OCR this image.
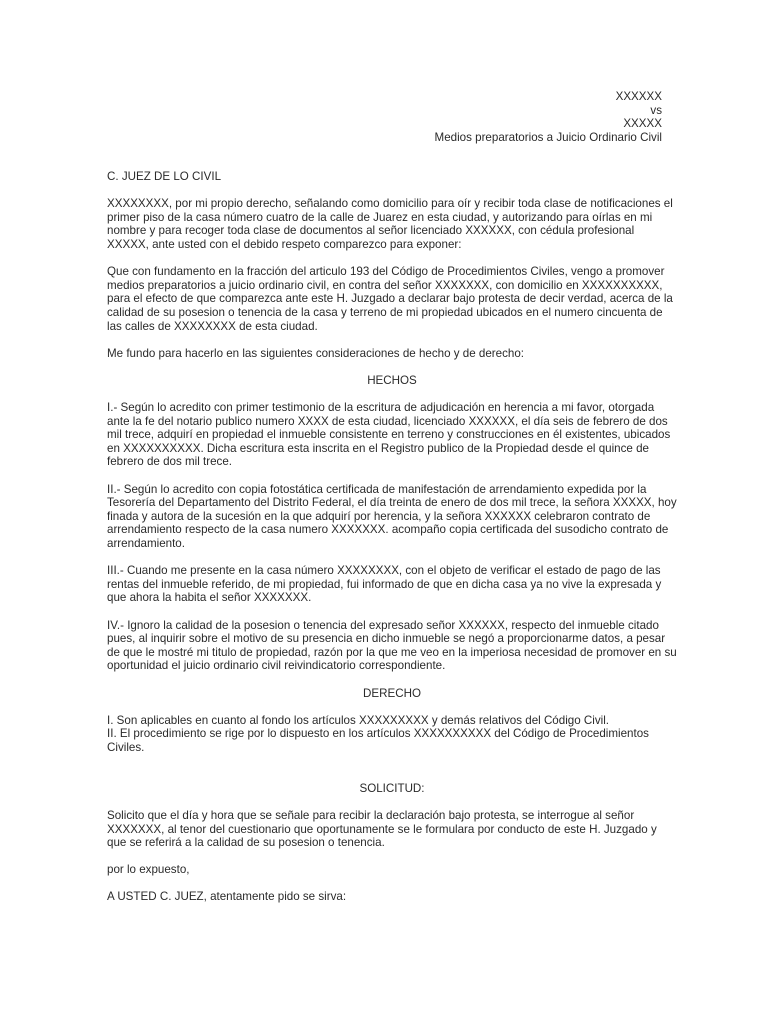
XXXXXX
vs
XXXXX
Medios preparatorios a Juicio Ordinario Civil

C. JUEZ DE LO CIVIL

XXXXXXXX, por mi propio derecho, señalando como domicilio para oír y recibir toda clase de notificaciones el primer piso de la casa número cuatro de la calle de Juarez en esta ciudad, y autorizando para oírlas en mi nombre y para recoger toda clase de documentos al señor licenciado XXXXXX, con cédula profesional XXXXX, ante usted con el debido respeto comparezco para exponer:

Que con fundamento en la fracción del articulo 193 del Código de Procedimientos Civiles, vengo a promover medios preparatorios a juicio ordinario civil, en contra del señor XXXXXXX, con domicilio en XXXXXXXXXX, para el efecto de que comparezca ante este H. Juzgado a declarar bajo protesta de decir verdad, acerca de la calidad de su posesion o tenencia de la casa y terreno de mi propiedad ubicados en el numero cincuenta de las calles de XXXXXXXX de esta ciudad.

Me fundo para hacerlo en las siguientes consideraciones de hecho y de derecho:

HECHOS

I.- Según lo acredito con primer testimonio de la escritura de adjudicación en herencia a mi favor, otorgada ante la fe del notario publico numero XXXX de esta ciudad, licenciado XXXXXX, el día seis de febrero de dos mil trece, adquirí en propiedad el inmueble consistente en terreno y construcciones en él existentes, ubicados en XXXXXXXXXX. Dicha escritura esta inscrita en el Registro publico de la Propiedad desde el quince de febrero de dos mil trece.

II.- Según lo acredito con copia fotostática certificada de manifestación de arrendamiento expedida por la Tesorería del Departamento del Distrito Federal, el día treinta de enero de dos mil trece, la señora XXXXX, hoy finada y autora de la sucesión en la que adquirí por herencia, y la señora XXXXXX celebraron contrato de arrendamiento respecto de la casa numero XXXXXXX. acompaño copia certificada del susodicho contrato de arrendamiento.

III.- Cuando me presente en la casa número XXXXXXXX, con el objeto de verificar el estado de pago de las rentas del inmueble referido, de mi propiedad, fui informado de que en dicha casa ya no vive la expresada y que ahora la habita el señor XXXXXXX.

IV.- Ignoro la calidad de la posesion o tenencia del expresado señor XXXXXX, respecto del inmueble citado pues, al inquirir sobre el motivo de su presencia en dicho inmueble se negó a proporcionarme datos, a pesar de que le mostré mi titulo de propiedad, razón por la que me veo en la imperiosa necesidad de promover en su oportunidad el juicio ordinario civil reivindicatorio correspondiente.

DERECHO

I. Son aplicables en cuanto al fondo los artículos XXXXXXXXX y demás relativos del Código Civil.

II. El procedimiento se rige por lo dispuesto en los artículos XXXXXXXXXX del Código de Procedimientos Civiles.

SOLICITUD:

Solicito que el día y hora que se señale para recibir la declaración bajo protesta, se interrogue al señor XXXXXXX, al tenor del cuestionario que oportunamente se le formulara por conducto de este H. Juzgado y que se referirá a la calidad de su posesion o tenencia.

por lo expuesto,

A USTED C. JUEZ, atentamente pido se sirva:
